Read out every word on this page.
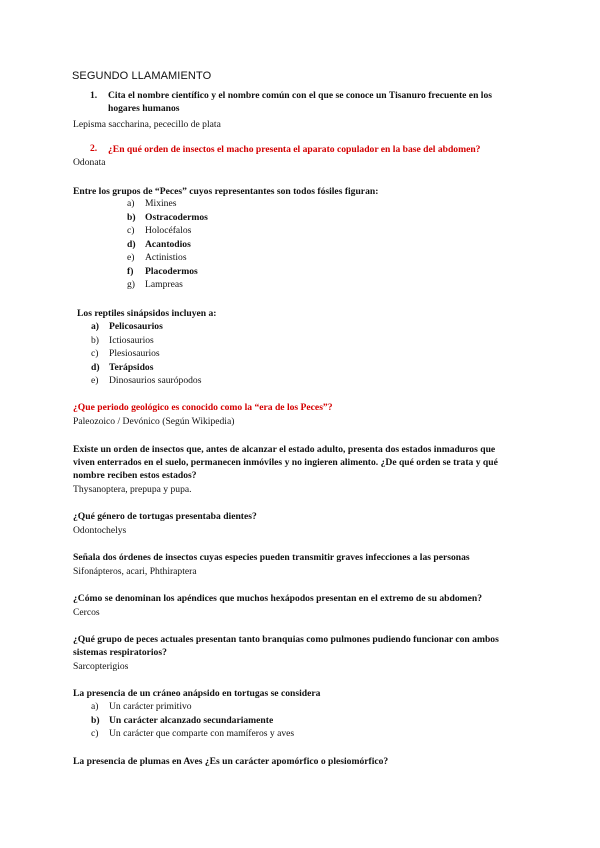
SEGUNDO LLAMAMIENTO
1. Cita el nombre científico y el nombre común con el que se conoce un Tisanuro frecuente en los
hogares humanos
Lepisma saccharina, pececillo de plata
2. ¿En qué orden de insectos el macho presenta el aparato copulador en la base del abdomen?
Odonata
Entre los grupos de “Peces” cuyos representantes son todos fósiles figuran:
a) Mixines
b) Ostracodermos
c) Holocéfalos
d) Acantodios
e) Actinistios
f) Placodermos
g) Lampreas
Los reptiles sinápsidos incluyen a:
a) Pelicosaurios
b) Ictiosaurios
c) Plesiosaurios
d) Terápsidos
e) Dinosaurios saurópodos
¿Que periodo geológico es conocido como la “era de los Peces”?
Paleozoico / Devónico (Según Wikipedia)
Existe un orden de insectos que, antes de alcanzar el estado adulto, presenta dos estados inmaduros que
viven enterrados en el suelo, permanecen inmóviles y no ingieren alimento. ¿De qué orden se trata y qué
nombre reciben estos estados?
Thysanoptera, prepupa y pupa.
¿Qué género de tortugas presentaba dientes?
Odontochelys
Señala dos órdenes de insectos cuyas especies pueden transmitir graves infecciones a las personas
Sifonápteros, acari, Phthiraptera
¿Cómo se denominan los apéndices que muchos hexápodos presentan en el extremo de su abdomen?
Cercos
¿Qué grupo de peces actuales presentan tanto branquias como pulmones pudiendo funcionar con ambos
sistemas respiratorios?
Sarcopterigios
La presencia de un cráneo anápsido en tortugas se considera
a) Un carácter primitivo
b) Un carácter alcanzado secundariamente
c) Un carácter que comparte con mamíferos y aves
La presencia de plumas en Aves ¿Es un carácter apomórfico o plesiomórfico?
